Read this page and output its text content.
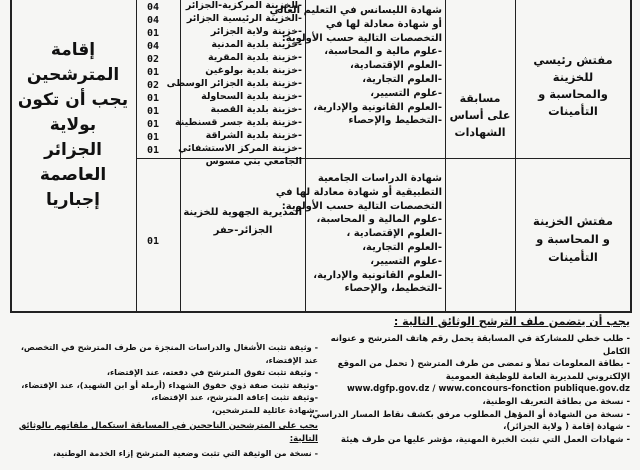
إقامة
المترشحين
يجب أن تكون
بولاية
الجزائر
العاصمة
إجباريا
04
04
01
04
02
01
02
01
01
01
01
01
-الخزينة المركزية-الجزائر
-الخزينة الرئيسية الجزائر
-خزينة ولاية الجزائر
-خزينة بلدية المدنية
-خزينة بلدية المقرية
-خزينة بلدية بولوغين
-خزينة بلدية الجزائر الوسطى
-خزينة بلدية السحاولة
-خزينة بلدية القصبة
-خزينة بلدية جسر قسنطينة
-خزينة بلدية الشراقة
-خزينة المركز الاستشفائي
الجامعي بني مسوس
شهادة الليسانس في التعليم العالي
أو شهادة معادلة لها في
التخصصات التالية حسب الأولوية:
-علوم مالية و المحاسبة،
-العلوم الإقتصادية،
-العلوم التجارية،
-علوم التسيير،
-العلوم القانونية والإدارية،
-التخطيط والإحصاء
مسابقة
على أساس
الشهادات
مفتش رئيسي
للخزينة
والمحاسبة و
التأمينات
01
المديرية الجهوية للخزينة
الجزائر-حفر
شهادة الدراسات الجامعية
التطبيقية أو شهادة معادلة لها في
التخصصات التالية حسب الأولوية:
-علوم المالية و المحاسبة،
-العلوم الإقتصادية ،
-العلوم التجارية،
-علوم التسيير،
-العلوم القانونية والإدارية،
-التخطيط، والإحصاء
مفتش الخزينة
و المحاسبة و
التأمينات
يجب أن يتضمن ملف الترشح الوثائق التالية :
- طلب خطي للمشاركة في المسابقة يحمل رقم هاتف المترشح و عنوانه
الكامل
- بطاقة المعلومات تملأ و تمضى من طرف المترشح ( تحمل من الموقع
الإلكتروني للمديرية العامة للوظيفة العمومية
www.dgfp.gov.dz / www.concours-fonction publique.gov.dz
- نسخة من بطاقة التعريف الوطنية،
- نسخة من الشهادة أو المؤهل المطلوب مرفق بكشف نقاط المسار الدراسي،
- شهادة إقامة ( ولاية الجزائر)،
- شهادات العمل التي تثبت الخبرة المهنية، مؤشر عليها من طرف هيئة
- وثيقة تثبت الأشغال والدراسات المنجزة من طرف المترشح في التخصص،
عند الإقتضاء،
- وثيقة تثبت تفوق المترشح في دفعته، عند الإقتضاء،
-وثيقة تثبت صفة ذوي حقوق الشهداء (أرملة أو ابن الشهيد)، عند الإقتضاء،
-وثيقة تثبت إعاقة المترشح، عند الإقتضاء،
-شهادة عائلية للمترشحين،
يجب على المترشحين الناجحين في المسابقة استكمال ملفاتهم بالوثائق
التالية:
- نسخة من الوثيقة التي تثبت وضعية المترشح إزاء الخدمة الوطنية،
